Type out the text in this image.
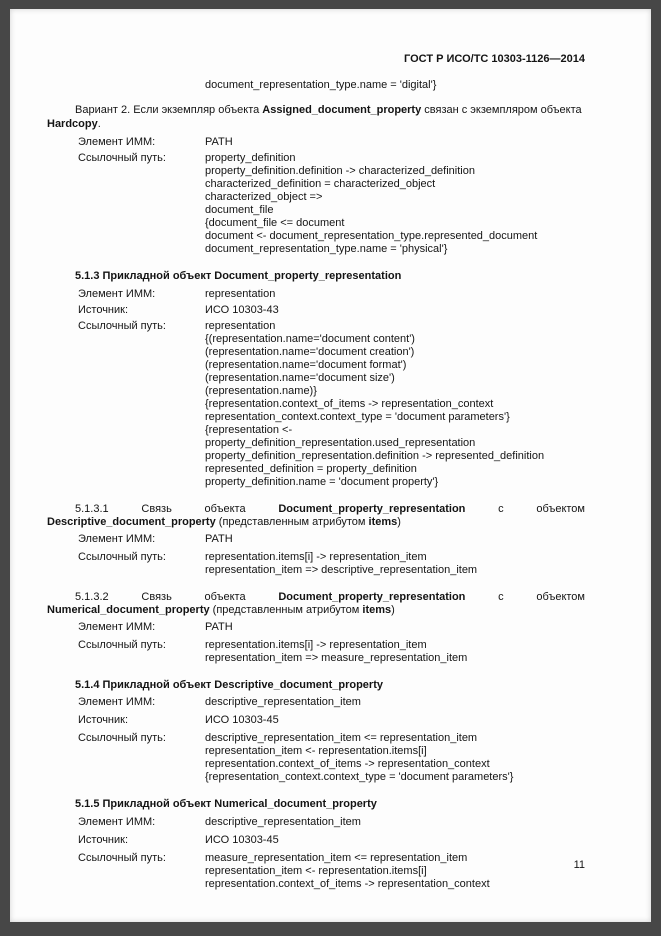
ГОСТ Р ИСО/ТС 10303-1126—2014
document_representation_type.name = 'digital'}

Вариант 2. Если экземпляр объекта Assigned_document_property связан с экземпляром объекта Hardcopy.

Элемент ИММ:	PATH
Ссылочный путь:	property_definition
property_definition.definition -> characterized_definition
characterized_definition = characterized_object
characterized_object =>
document_file
{document_file <= document
document <- document_representation_type.represented_document
document_representation_type.name = 'physical'}
5.1.3 Прикладной объект Document_property_representation
Элемент ИММ:	representation
Источник:	ИСО 10303-43
Ссылочный путь:	representation
{(representation.name='document content')
(representation.name='document creation')
(representation.name='document format')
(representation.name='document size')
(representation.name)}
{representation.context_of_items -> representation_context
representation_context.context_type = 'document parameters'}
{representation <-
property_definition_representation.used_representation
property_definition_representation.definition -> represented_definition
represented_definition = property_definition
property_definition.name = 'document property'}

5.1.3.1 Связь объекта Document_property_representation с объектом Descriptive_document_property (представленным атрибутом items)

Элемент ИММ:	PATH
Ссылочный путь:	representation.items[i] -> representation_item
representation_item => descriptive_representation_item

5.1.3.2 Связь объекта Document_property_representation с объектом Numerical_document_property (представленным атрибутом items)

Элемент ИММ:	PATH
Ссылочный путь:	representation.items[i] -> representation_item
representation_item => measure_representation_item
5.1.4 Прикладной объект Descriptive_document_property
Элемент ИММ:	descriptive_representation_item
Источник:	ИСО 10303-45
Ссылочный путь:	descriptive_representation_item <= representation_item
representation_item <- representation.items[i]
representation.context_of_items -> representation_context
{representation_context.context_type = 'document parameters'}
5.1.5 Прикладной объект Numerical_document_property
Элемент ИММ:	descriptive_representation_item
Источник:	ИСО 10303-45
Ссылочный путь:	measure_representation_item <= representation_item
representation_item <- representation.items[i]
representation.context_of_items -> representation_context
11
